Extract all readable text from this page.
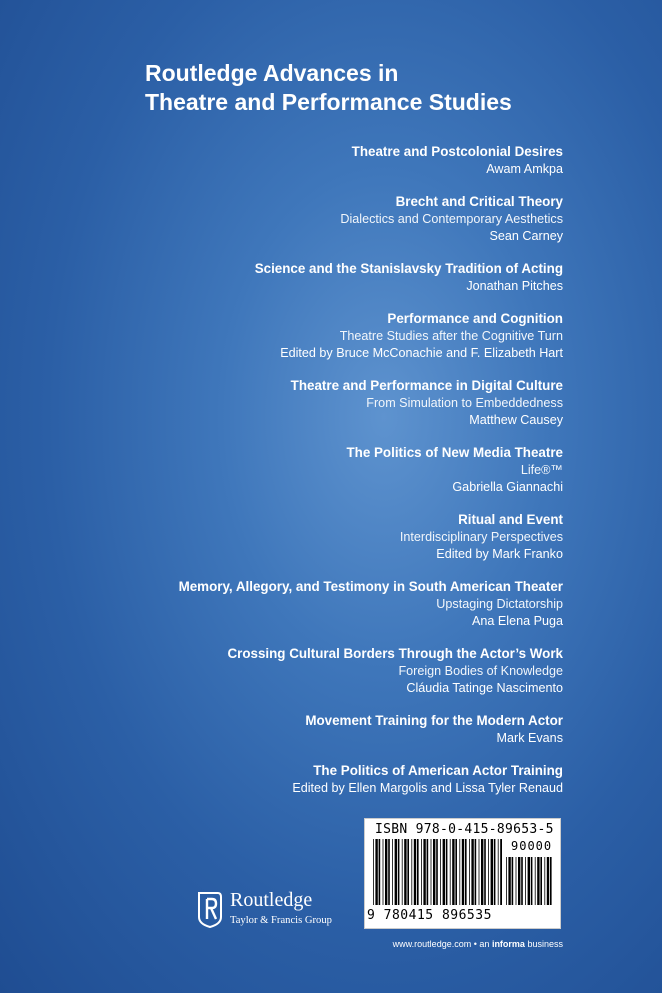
Routledge Advances in
Theatre and Performance Studies
Theatre and Postcolonial Desires
Awam Amkpa
Brecht and Critical Theory
Dialectics and Contemporary Aesthetics
Sean Carney
Science and the Stanislavsky Tradition of Acting
Jonathan Pitches
Performance and Cognition
Theatre Studies after the Cognitive Turn
Edited by Bruce McConachie and F. Elizabeth Hart
Theatre and Performance in Digital Culture
From Simulation to Embeddedness
Matthew Causey
The Politics of New Media Theatre
Life®™
Gabriella Giannachi
Ritual and Event
Interdisciplinary Perspectives
Edited by Mark Franko
Memory, Allegory, and Testimony in South American Theater
Upstaging Dictatorship
Ana Elena Puga
Crossing Cultural Borders Through the Actor’s Work
Foreign Bodies of Knowledge
Cláudia Tatinge Nascimento
Movement Training for the Modern Actor
Mark Evans
The Politics of American Actor Training
Edited by Ellen Margolis and Lissa Tyler Renaud
ISBN 978-0-415-89653-5
90000
9 780415 896535
Routledge
Taylor & Francis Group
www.routledge.com • an informa business
